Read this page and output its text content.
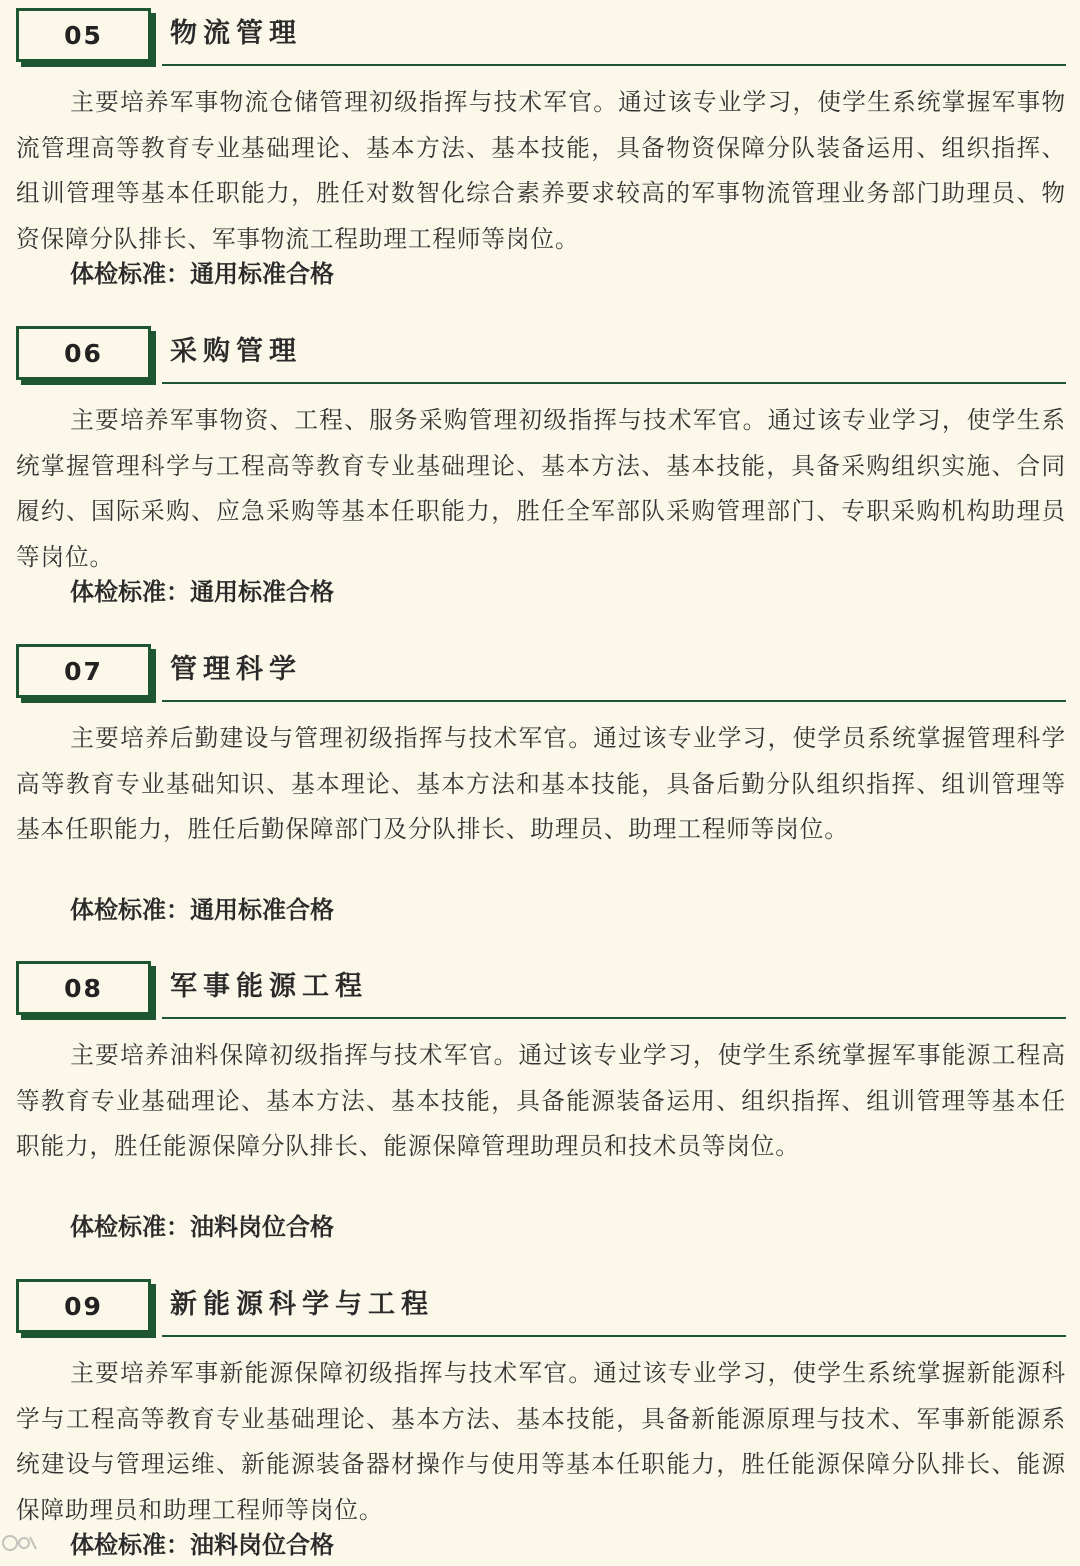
05	物流管理

主要培养军事物流仓储管理初级指挥与技术军官。通过该专业学习，使学生系统掌握军事物流管理高等教育专业基础理论、基本方法、基本技能，具备物资保障分队装备运用、组织指挥、组训管理等基本任职能力，胜任对数智化综合素养要求较高的军事物流管理业务部门助理员、物资保障分队排长、军事物流工程助理工程师等岗位。

体检标准：通用标准合格
06	采购管理

主要培养军事物资、工程、服务采购管理初级指挥与技术军官。通过该专业学习，使学生系统掌握管理科学与工程高等教育专业基础理论、基本方法、基本技能，具备采购组织实施、合同履约、国际采购、应急采购等基本任职能力，胜任全军部队采购管理部门、专职采购机构助理员等岗位。

体检标准：通用标准合格
07	管理科学

主要培养后勤建设与管理初级指挥与技术军官。通过该专业学习，使学员系统掌握管理科学高等教育专业基础知识、基本理论、基本方法和基本技能，具备后勤分队组织指挥、组训管理等基本任职能力，胜任后勤保障部门及分队排长、助理员、助理工程师等岗位。

体检标准：通用标准合格
08	军事能源工程

主要培养油料保障初级指挥与技术军官。通过该专业学习，使学生系统掌握军事能源工程高等教育专业基础理论、基本方法、基本技能，具备能源装备运用、组织指挥、组训管理等基本任职能力，胜任能源保障分队排长、能源保障管理助理员和技术员等岗位。

体检标准：油料岗位合格
09	新能源科学与工程

主要培养军事新能源保障初级指挥与技术军官。通过该专业学习，使学生系统掌握新能源科学与工程高等教育专业基础理论、基本方法、基本技能，具备新能源原理与技术、军事新能源系统建设与管理运维、新能源装备器材操作与使用等基本任职能力，胜任能源保障分队排长、能源保障助理员和助理工程师等岗位。

体检标准：油料岗位合格
